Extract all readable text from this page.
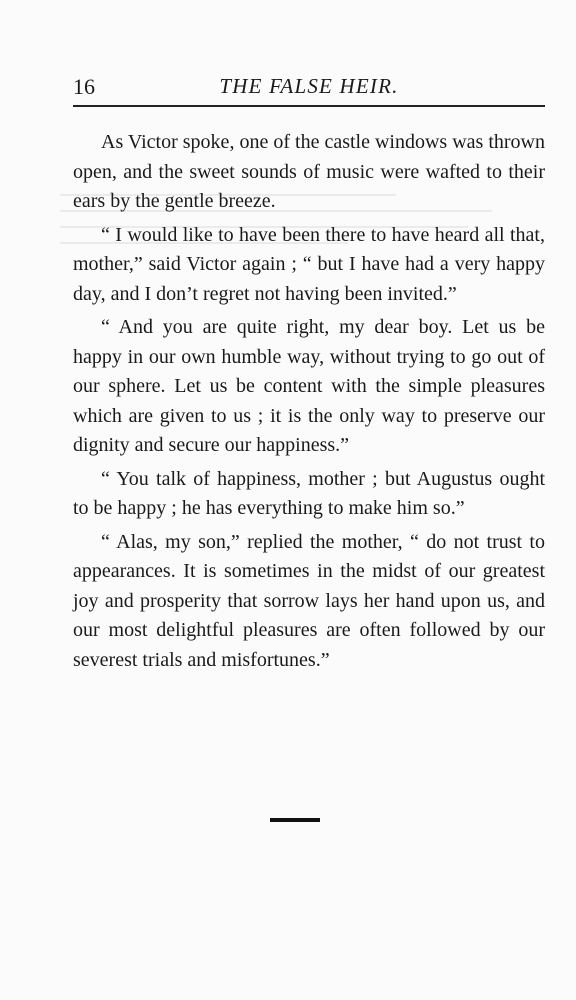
16	THE FALSE HEIR.

As Victor spoke, one of the castle windows was thrown open, and the sweet sounds of music were wafted to their ears by the gentle breeze.

“ I would like to have been there to have heard all that, mother,” said Victor again ; “ but I have had a very happy day, and I don’t regret not having been invited.”

“ And you are quite right, my dear boy. Let us be happy in our own humble way, without trying to go out of our sphere. Let us be content with the simple pleasures which are given to us ; it is the only way to preserve our dignity and secure our happiness.”

“ You talk of happiness, mother ; but Augustus ought to be happy ; he has everything to make him so.”

“ Alas, my son,” replied the mother, “ do not trust to appearances. It is sometimes in the midst of our greatest joy and prosperity that sorrow lays her hand upon us, and our most delightful pleasures are often followed by our severest trials and misfortunes.”
